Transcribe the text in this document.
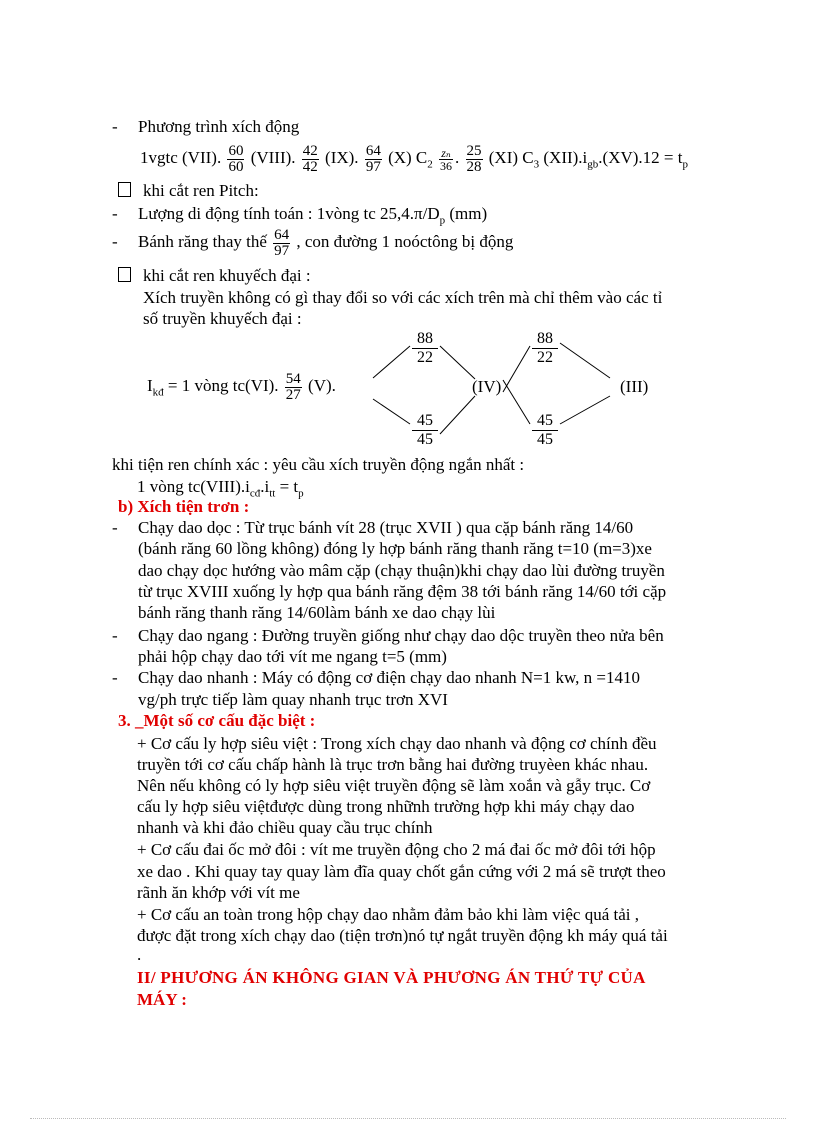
- Phương trình xích động
1vgtc (VII). $\frac{60}{60}$ (VIII). $\frac{42}{42} (IX)$. $\frac{64}{97} (X)$ $C_2 \frac{\text{zₙ}}{36}$ . $\frac{25}{28} (XI)$ $C_3$ $(XII).i_{gb}.(XV).12 = t_p$
khi cắt ren Pitch:
- Lượng di động tính toán : 1vòng tc $25,4.\pi/D_p$ (mm)
- Bánh răng thay thế $\frac{64}{97}$ , con đường 1 noóctông bị động
khi cắt ren khuyếch đại :
Xích truyền không có gì thay đổi so với các xích trên mà chỉ thêm vào các tỉ
số truyền khuyếch đại :
$I_{kđ} = 1$ vòng tc(VI). $\frac{54}{27} (V)$.
$\frac{88}{22}$
$\frac{45}{45}$
$\frac{88}{22}$
$\frac{45}{45}$
(IV)	(III)
khi tiện ren chính xác : yêu cầu xích truyền động ngắn nhất :
1 vòng $tc(VIII).i_{cđ}.i_{tt} = t_p$
b) Xích tiện trơn :
- Chạy dao dọc : Từ trục bánh vít 28 (trục XVII ) qua cặp bánh răng 14/60
(bánh răng 60 lồng không) đóng ly hợp bánh răng thanh răng t=10 (m=3)xe
dao chạy dọc hướng vào mâm cặp (chạy thuận)khi chạy dao lùi đường truyền
từ trục XVIII xuống ly hợp qua bánh răng đệm 38 tới bánh răng 14/60 tới cặp
bánh răng thanh răng 14/60làm bánh xe dao chạy lùi
- Chạy dao ngang : Đường truyền giống như chạy dao dộc truyền theo nửa bên
phải hộp chạy dao tới vít me ngang t=5 (mm)
- Chạy dao nhanh : Máy có động cơ điện chạy dao nhanh N=1 kw, n =1410
vg/ph trực tiếp làm quay nhanh trục trơn XVI
3. _Một số cơ cấu đặc biệt :
+ Cơ cấu ly hợp siêu việt : Trong xích chạy dao nhanh và động cơ chính đều
truyền tới cơ cấu chấp hành là trục trơn bằng hai đường truyèen khác nhau.
Nên nếu không có ly hợp siêu việt truyền động sẽ làm xoắn và gẫy trục. Cơ
cấu ly hợp siêu việtđược dùng trong nhữnh trường hợp khi máy chạy dao
nhanh và khi đảo chiều quay cầu trục chính
+ Cơ cấu đai ốc mở đôi : vít me truyền động cho 2 má đai ốc mở đôi tới hộp
xe dao . Khi quay tay quay làm đĩa quay chốt gắn cứng với 2 má sẽ trượt theo
rãnh ăn khớp với vít me
+ Cơ cấu an toàn trong hộp chạy dao nhằm đảm bảo khi làm việc quá tải ,
được đặt trong xích chạy dao (tiện trơn)nó tự ngắt truyền động kh máy quá tải
.
II/ PHƯƠNG ÁN KHÔNG GIAN VÀ PHƯƠNG ÁN THỨ TỰ CỦA
MÁY :
